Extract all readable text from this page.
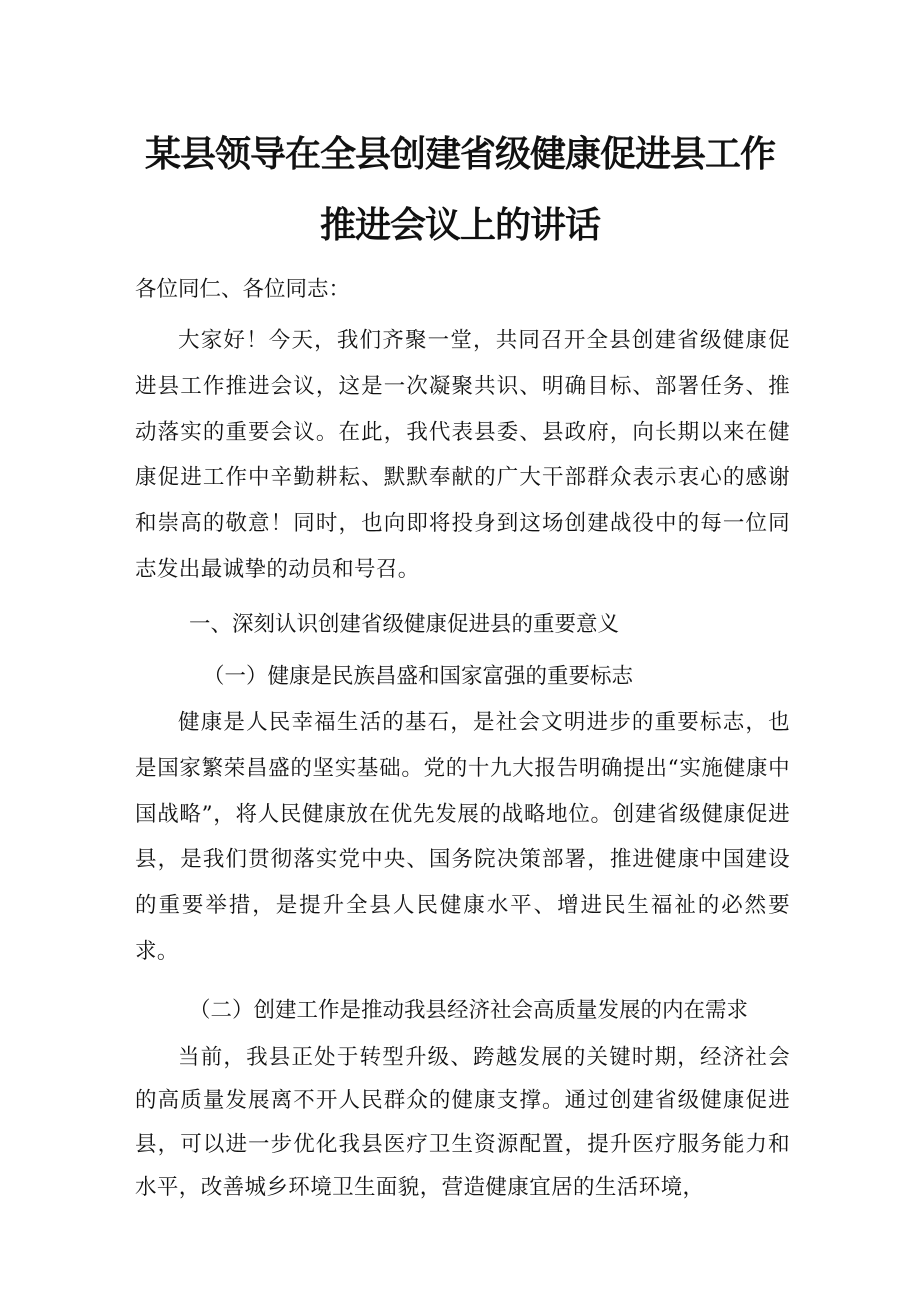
某县领导在全县创建省级健康促进县工作
推进会议上的讲话

各位同仁、各位同志：

大家好！今天，我们齐聚一堂，共同召开全县创建省级健康促进县工作推进会议，这是一次凝聚共识、明确目标、部署任务、推动落实的重要会议。在此，我代表县委、县政府，向长期以来在健康促进工作中辛勤耕耘、默默奉献的广大干部群众表示衷心的感谢和崇高的敬意！同时，也向即将投身到这场创建战役中的每一位同志发出最诚挚的动员和号召。

一、深刻认识创建省级健康促进县的重要意义

（一）健康是民族昌盛和国家富强的重要标志

健康是人民幸福生活的基石，是社会文明进步的重要标志，也是国家繁荣昌盛的坚实基础。党的十九大报告明确提出“实施健康中国战略”，将人民健康放在优先发展的战略地位。创建省级健康促进县，是我们贯彻落实党中央、国务院决策部署，推进健康中国建设的重要举措，是提升全县人民健康水平、增进民生福祉的必然要求。

（二）创建工作是推动我县经济社会高质量发展的内在需求

当前，我县正处于转型升级、跨越发展的关键时期，经济社会的高质量发展离不开人民群众的健康支撑。通过创建省级健康促进县，可以进一步优化我县医疗卫生资源配置，提升医疗服务能力和水平，改善城乡环境卫生面貌，营造健康宜居的生活环境，
